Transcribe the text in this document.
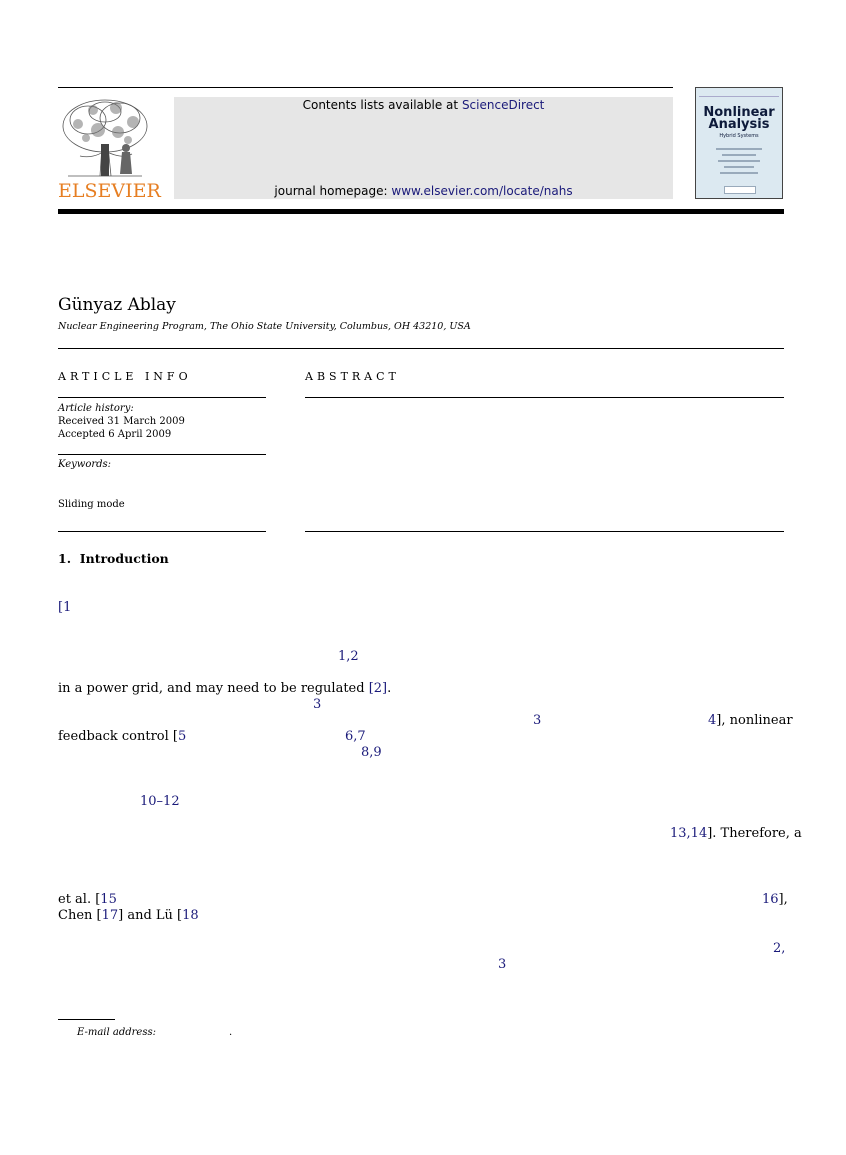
ELSEVIER
Contents lists available at ScienceDirect
journal homepage: www.elsevier.com/locate/nahs
Nonlinear
Analysis
Hybrid Systems
Günyaz Ablay
Nuclear Engineering Program, The Ohio State University, Columbus, OH 43210, USA
ARTICLE INFO
Article history:
Received 31 March 2009
Accepted 6 April 2009
Keywords:
Sliding mode
ABSTRACT
1.  Introduction
[1
1,2
in a power grid, and may need to be regulated [2].
3
3	4], nonlinear
feedback control [5	6,7
8,9
10–12
13,14]. Therefore, a
et al. [15	16],
Chen [17] and Lü [18
2,
3
E-mail address:	.
